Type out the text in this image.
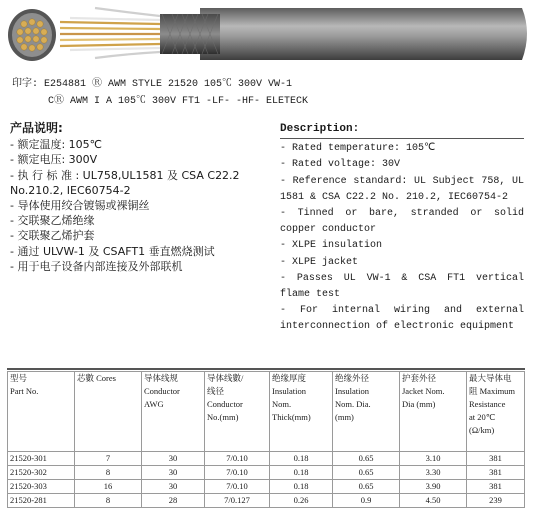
印字: E254881 Ⓡ AWM STYLE 21520 105℃ 300V VW-1
CⓇ AWM I A 105℃ 300V FT1 -LF- -HF- ELETECK
产品说明:
- 额定温度: 105℃
- 额定电压: 300V
- 执 行 标 准 : UL758,UL1581 及 CSA C22.2
No.210.2, IEC60754-2
- 导体使用绞合镀锡或裸铜丝
- 交联聚乙烯绝缘
- 交联聚乙烯护套
- 通过 ULVW-1 及 CSAFT1 垂直燃烧测试
- 用于电子设备内部连接及外部联机
Description:
- Rated temperature: 105℃
- Rated voltage: 30V
- Reference standard: UL Subject 758, UL 1581 & CSA C22.2 No. 210.2, IEC60754-2
- Tinned or bare, stranded or solid copper conductor
- XLPE insulation
- XLPE jacket
- Passes UL VW-1 & CSA FT1 vertical flame test
- For internal wiring and external interconnection of electronic equipment
型号
Part No.	芯數 Cores	导体线规
Conductor
AWG	导体线數/
线径
Conductor
No.(mm)	绝缘厚度
Insulation
Nom.
Thick(mm)	绝缘外径
Insulation
Nom. Dia.
(mm)	护套外径
Jacket Nom.
Dia (mm)	最大导体电
阻 Maximum
Resistance
at 20℃
(Ω/km)

21520-301	7	30	7/0.10	0.18	0.65	3.10	381
21520-302	8	30	7/0.10	0.18	0.65	3.30	381
21520-303	16	30	7/0.10	0.18	0.65	3.90	381
21520-281	8	28	7/0.127	0.26	0.9	4.50	239
